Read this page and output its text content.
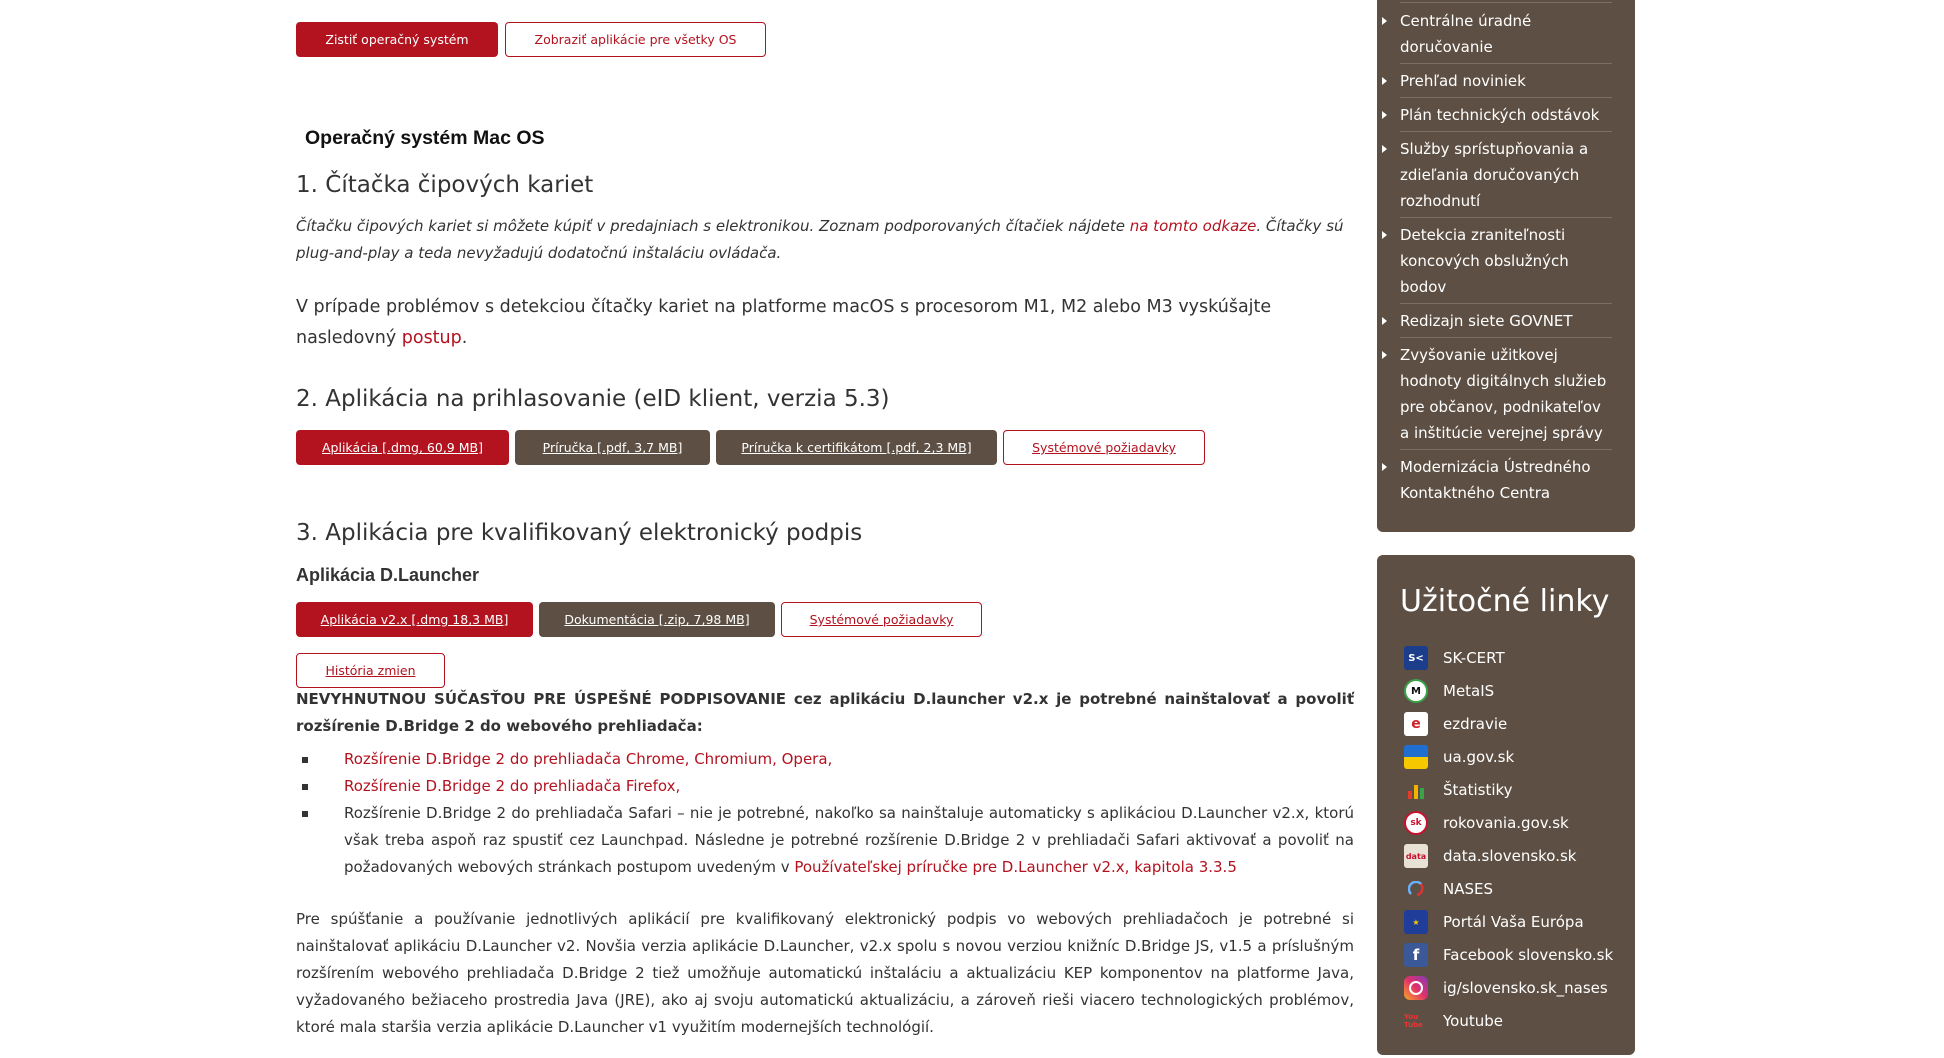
Zistiť operačný systém	Zobraziť aplikácie pre všetky OS
Operačný systém Mac OS
1. Čítačka čipových kariet
Čítačku čipových kariet si môžete kúpiť v predajniach s elektronikou. Zoznam podporovaných čítačiek nájdete na tomto odkaze. Čítačky sú plug-and-play a teda nevyžadujú dodatočnú inštaláciu ovládača.
V prípade problémov s detekciou čítačky kariet na platforme macOS s procesorom M1, M2 alebo M3 vyskúšajte nasledovný postup.
2. Aplikácia na prihlasovanie (eID klient, verzia 5.3)
Aplikácia [.dmg, 60,9 MB]	Príručka [.pdf, 3,7 MB]	Príručka k certifikátom [.pdf, 2,3 MB]	Systémové požiadavky
3. Aplikácia pre kvalifikovaný elektronický podpis
Aplikácia D.Launcher
Aplikácia v2.x [.dmg 18,3 MB]	Dokumentácia [.zip, 7,98 MB]	Systémové požiadavky
História zmien
NEVYHNUTNOU SÚČASŤOU PRE ÚSPEŠNÉ PODPISOVANIE cez aplikáciu D.launcher v2.x je potrebné nainštalovať a povoliť rozšírenie D.Bridge 2 do webového prehliadača:
Rozšírenie D.Bridge 2 do prehliadača Chrome, Chromium, Opera,
Rozšírenie D.Bridge 2 do prehliadača Firefox,
Rozšírenie D.Bridge 2 do prehliadača Safari – nie je potrebné, nakoľko sa nainštaluje automaticky s aplikáciou D.Launcher v2.x, ktorú však treba aspoň raz spustiť cez Launchpad. Následne je potrebné rozšírenie D.Bridge 2 v prehliadači Safari aktivovať a povoliť na požadovaných webových stránkach postupom uvedeným v Používateľskej príručke pre D.Launcher v2.x, kapitola 3.3.5
Pre spúšťanie a používanie jednotlivých aplikácií pre kvalifikovaný elektronický podpis vo webových prehliadačoch je potrebné si nainštalovať aplikáciu D.Launcher v2. Novšia verzia aplikácie D.Launcher, v2.x spolu s novou verziou knižníc D.Bridge JS, v1.5 a príslušným rozšírením webového prehliadača D.Bridge 2 tiež umožňuje automatickú inštaláciu a aktualizáciu KEP komponentov na platforme Java, vyžadovaného bežiaceho prostredia Java (JRE), ako aj svoju automatickú aktualizáciu, a zároveň rieši viacero technologických problémov, ktoré mala staršia verzia aplikácie D.Launcher v1 využitím modernejších technológií.
Centrálne úradné
doručovanie
Prehľad noviniek
Plán technických odstávok
Služby sprístupňovania a
zdieľania doručovaných
rozhodnutí
Detekcia zraniteľnosti
koncových obslužných
bodov
Redizajn siete GOVNET
Zvyšovanie užitkovej
hodnoty digitálnych služieb
pre občanov, podnikateľov
a inštitúcie verejnej správy
Modernizácia Ústredného
Kontaktného Centra
Užitočné linky
S< SK-CERT
M	MetaIS
e	ezdravie
ua.gov.sk
Štatistiky
sk	rokovania.gov.sk
data data.slovensko.sk
NASES
★	Portál Vaša Európa
f	Facebook slovensko.sk
ig/slovensko.sk_nases
You Tube	Youtube
